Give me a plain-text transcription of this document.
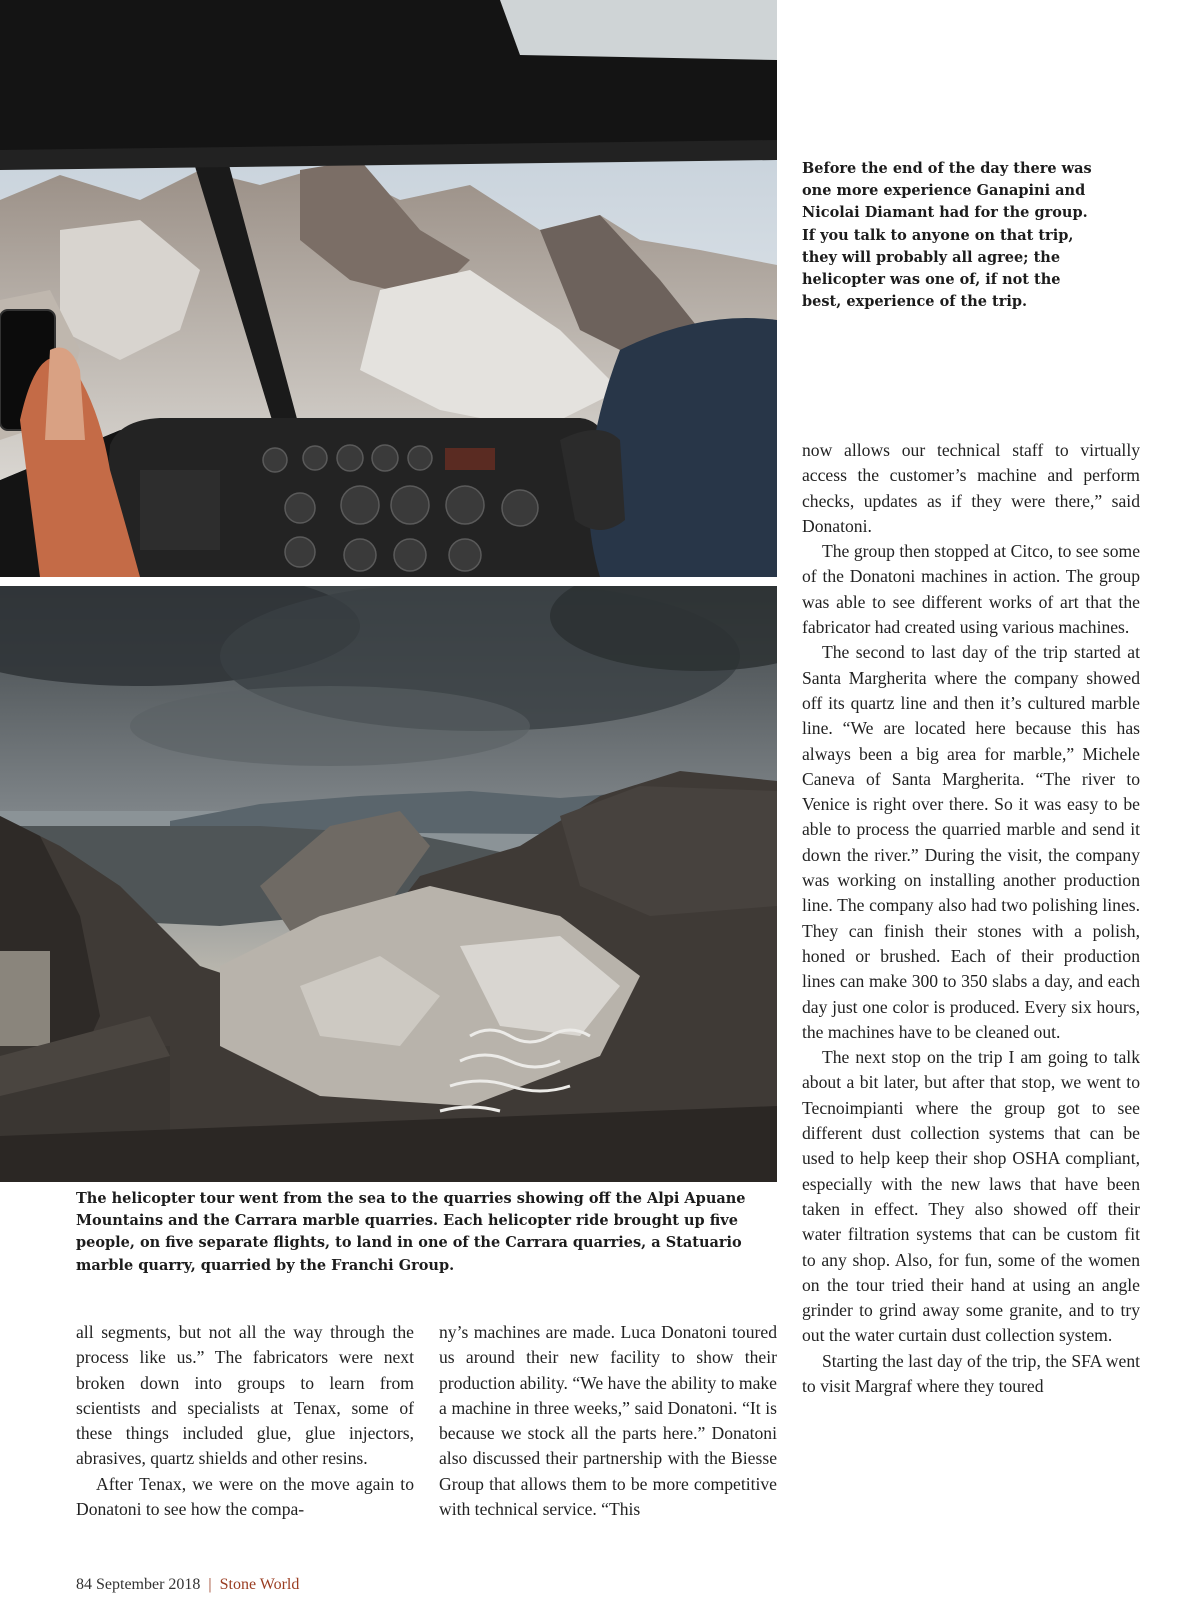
Before the end of the day there was one more experience Ganapini and Nicolai Diamant had for the group. If you talk to anyone on that trip, they will probably all agree; the helicopter was one of, if not the best, experience of the trip.

The helicopter tour went from the sea to the quarries showing off the Alpi Apuane Mountains and the Carrara marble quarries. Each helicopter ride brought up five people, on five separate flights, to land in one of the Carrara quarries, a Statuario marble quarry, quarried by the Franchi Group.

all segments, but not all the way through the process like us.” The fabricators were next broken down into groups to learn from scientists and specialists at Tenax, some of these things included glue, glue injectors, abrasives, quartz shields and other resins.

After Tenax, we were on the move again to Donatoni to see how the compa-

ny’s machines are made. Luca Donatoni toured us around their new facility to show their production ability. “We have the ability to make a machine in three weeks,” said Donatoni. “It is because we stock all the parts here.” Donatoni also discussed their partnership with the Biesse Group that allows them to be more competitive with technical service. “This

now allows our technical staff to virtually access the customer’s machine and perform checks, updates as if they were there,” said Donatoni.

The group then stopped at Citco, to see some of the Donatoni machines in action. The group was able to see different works of art that the fabricator had created using various machines.

The second to last day of the trip started at Santa Margherita where the company showed off its quartz line and then it’s cultured marble line. “We are located here because this has always been a big area for marble,” Michele Caneva of Santa Margherita. “The river to Venice is right over there. So it was easy to be able to process the quarried marble and send it down the river.” During the visit, the company was working on installing another production line. The company also had two polishing lines. They can finish their stones with a polish, honed or brushed. Each of their production lines can make 300 to 350 slabs a day, and each day just one color is produced. Every six hours, the machines have to be cleaned out.

The next stop on the trip I am going to talk about a bit later, but after that stop, we went to Tecnoimpianti where the group got to see different dust collection systems that can be used to help keep their shop OSHA compliant, especially with the new laws that have been taken in effect. They also showed off their water filtration systems that can be custom fit to any shop. Also, for fun, some of the women on the tour tried their hand at using an angle grinder to grind away some granite, and to try out the water curtain dust collection system.

Starting the last day of the trip, the SFA went to visit Margraf where they toured

84 September 2018 | Stone World
